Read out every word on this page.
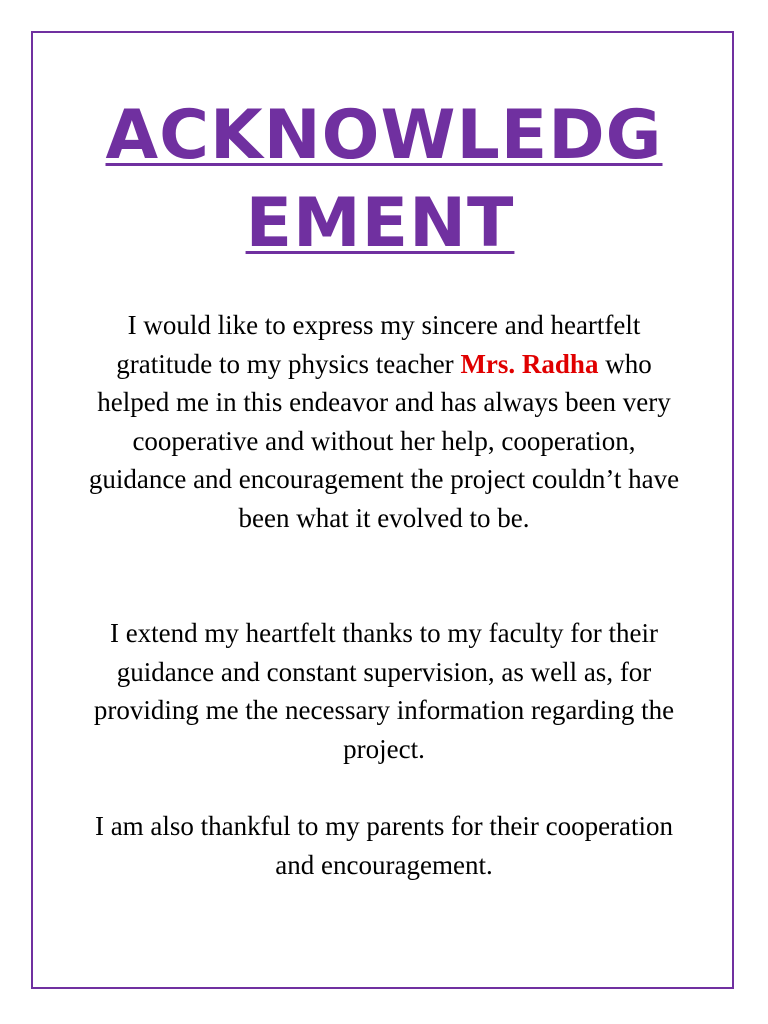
ACKNOWLEDG
EMENT

I would like to express my sincere and heartfelt gratitude to my physics teacher Mrs. Radha who helped me in this endeavor and has always been very cooperative and without her help, cooperation, guidance and encouragement the project couldn’t have been what it evolved to be.

I extend my heartfelt thanks to my faculty for their guidance and constant supervision, as well as, for providing me the necessary information regarding the project.

I am also thankful to my parents for their cooperation and encouragement.
